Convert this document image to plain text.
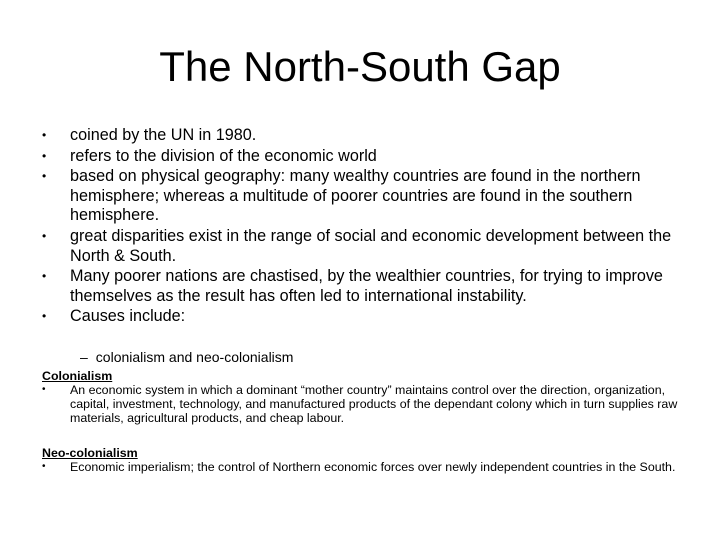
The North-South Gap
•	coined by the UN in 1980.
•	refers to the division of the economic world
•	based on physical geography: many wealthy countries are found in the northern hemisphere; whereas a multitude of poorer countries are found in the southern hemisphere.
•	great disparities exist in the range of social and economic development between the North & South.
•	Many poorer nations are chastised, by the wealthier countries, for trying to improve themselves as the result has often led to international instability.
•	Causes include:
– colonialism and neo-colonialism
Colonialism
• An economic system in which a dominant “mother country” maintains control over the direction, organization, capital, investment, technology, and manufactured products of the dependant colony which in turn supplies raw materials, agricultural products, and cheap labour.
Neo-colonialism
• Economic imperialism; the control of Northern economic forces over newly independent countries in the South.
